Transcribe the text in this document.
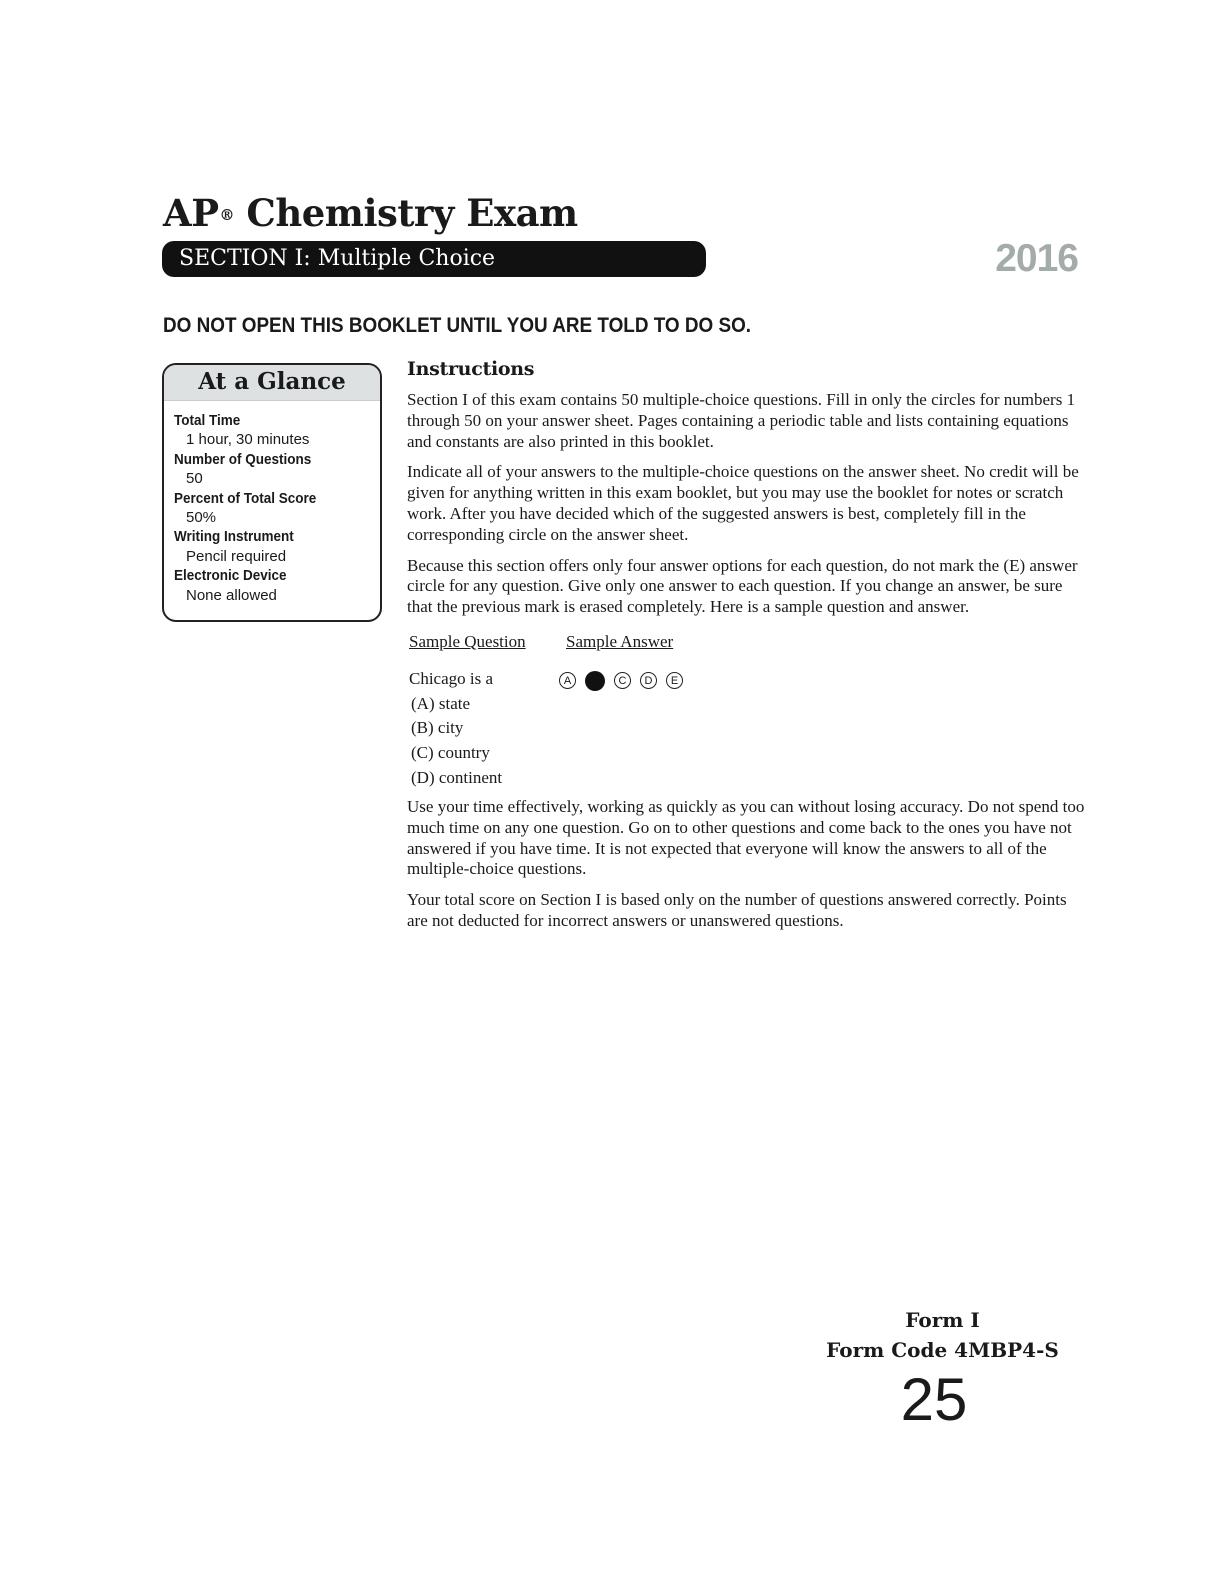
AP® Chemistry Exam
SECTION I: Multiple Choice	2016
DO NOT OPEN THIS BOOKLET UNTIL YOU ARE TOLD TO DO SO.
At a Glance
Total Time
1 hour, 30 minutes
Number of Questions
50
Percent of Total Score
50%
Writing Instrument
Pencil required
Electronic Device
None allowed
Instructions

Section I of this exam contains 50 multiple-choice questions. Fill in only the circles for numbers 1 through 50 on your answer sheet. Pages containing a periodic table and lists containing equations and constants are also printed in this booklet.

Indicate all of your answers to the multiple-choice questions on the answer sheet. No credit will be given for anything written in this exam booklet, but you may use the booklet for notes or scratch work. After you have decided which of the suggested answers is best, completely fill in the corresponding circle on the answer sheet.

Because this section offers only four answer options for each question, do not mark the (E) answer circle for any question. Give only one answer to each question. If you change an answer, be sure that the previous mark is erased completely. Here is a sample question and answer.

Sample Question
Chicago is a
(A) state
(B) city
(C) country
(D) continent
Sample Answer
A	C	D	E

Use your time effectively, working as quickly as you can without losing accuracy. Do not spend too much time on any one question. Go on to other questions and come back to the ones you have not answered if you have time. It is not expected that everyone will know the answers to all of the multiple-choice questions.

Your total score on Section I is based only on the number of questions answered correctly. Points are not deducted for incorrect answers or unanswered questions.

Form I
Form Code 4MBP4-S
25
